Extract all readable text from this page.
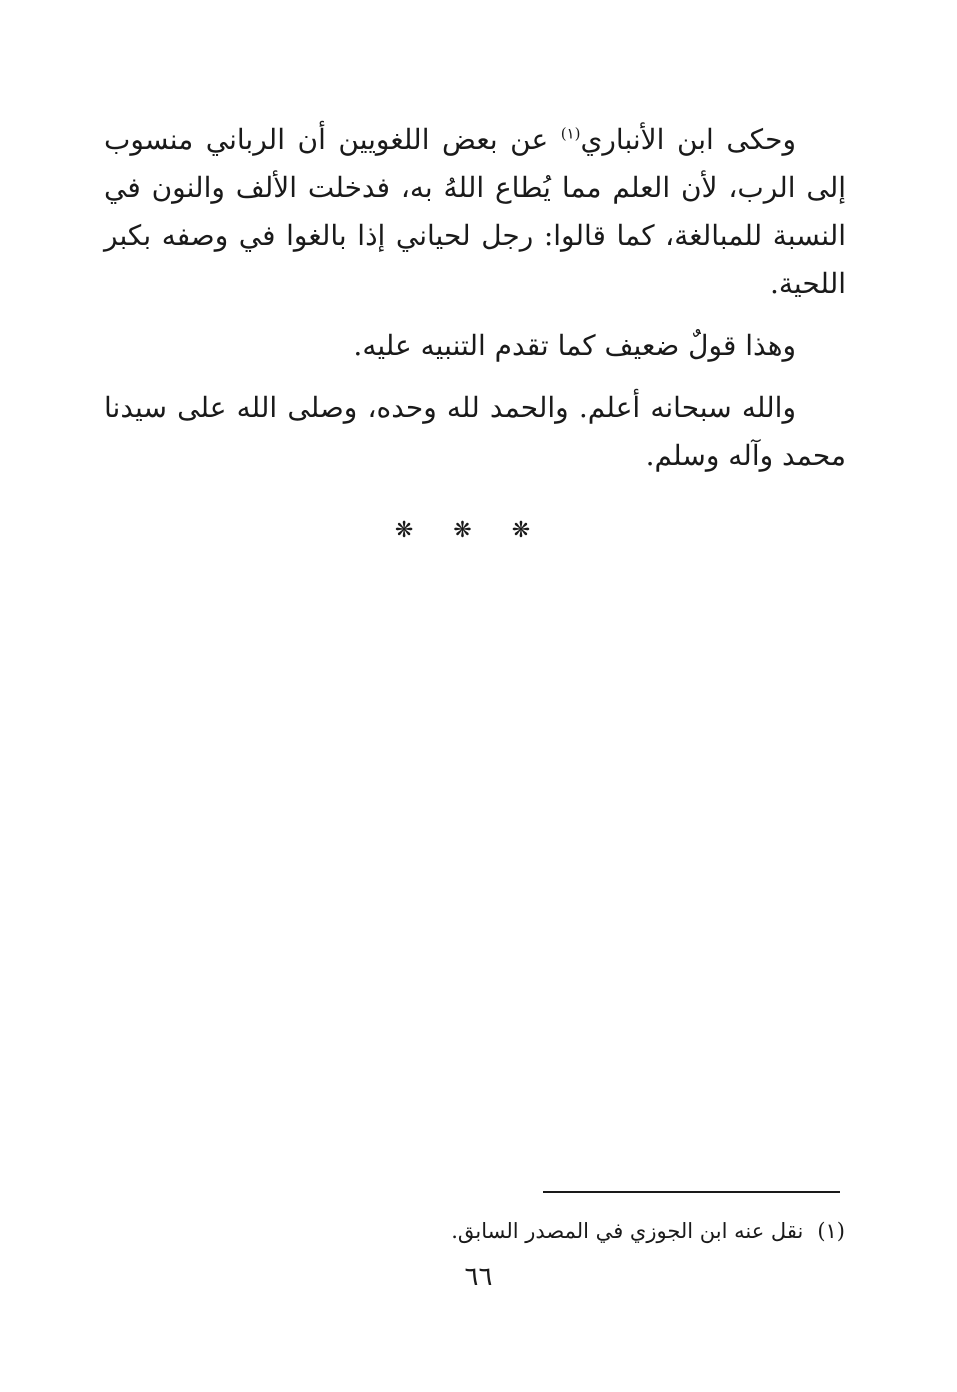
وحكى ابن الأنباري$^{(١)}$ عن بعض اللغويين أن الرباني منسوب إلى الرب، لأن العلم مما يُطاع اللهُ به، فدخلت الألف والنون في النسبة للمبالغة، كما قالوا: رجل لحياني إذا بالغوا في وصفه بكبر اللحية.

وهذا قولٌ ضعيف كما تقدم التنبيه عليه.

والله سبحانه أعلم. والحمد لله وحده، وصلى الله على سيدنا محمد وآله وسلم.

❋❋❋
(١)نقل عنه ابن الجوزي في المصدر السابق.
٦٦
